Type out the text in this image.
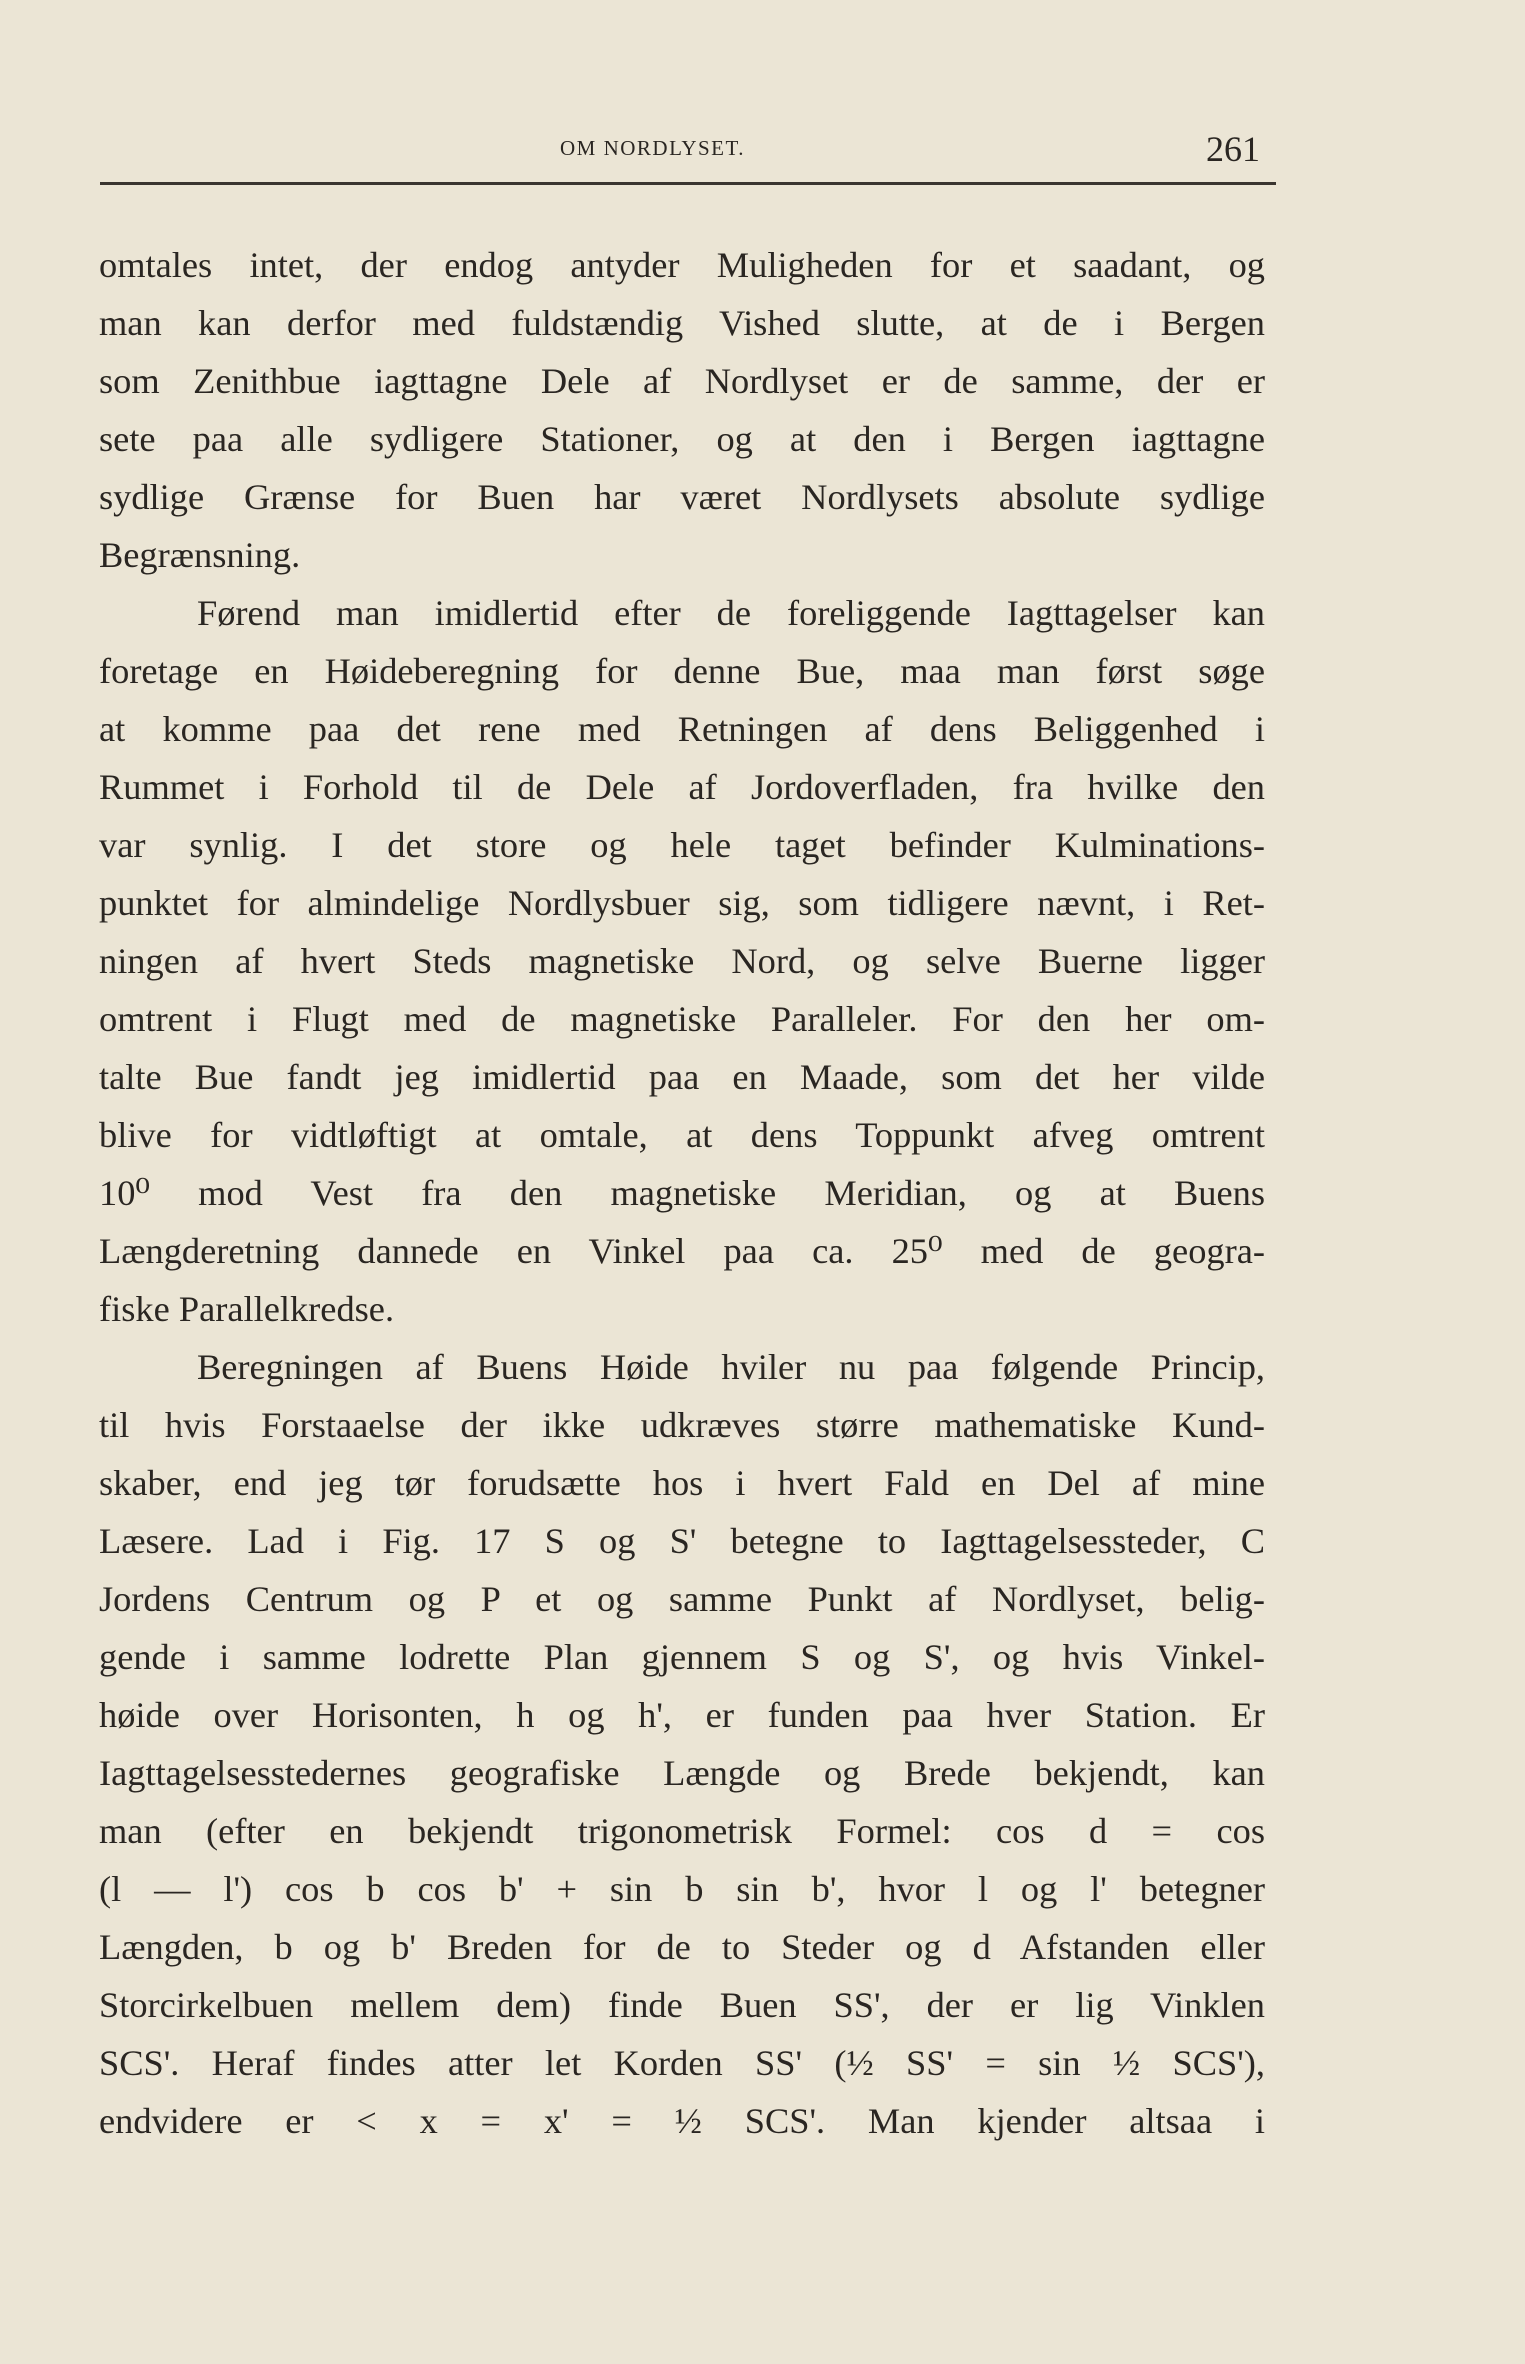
OM NORDLYSET.	261
omtales intet, der endog antyder Muligheden for et saadant, og
man kan derfor med fuldstændig Vished slutte, at de i Bergen
som Zenithbue iagttagne Dele af Nordlyset er de samme, der er
sete paa alle sydligere Stationer, og at den i Bergen iagttagne
sydlige Grænse for Buen har været Nordlysets absolute sydlige
Begrænsning.
Førend man imidlertid efter de foreliggende Iagttagelser kan
foretage en Høideberegning for denne Bue, maa man først søge
at komme paa det rene med Retningen af dens Beliggenhed i
Rummet i Forhold til de Dele af Jordoverfladen, fra hvilke den
var synlig. I det store og hele taget befinder Kulminations-
punktet for almindelige Nordlysbuer sig, som tidligere nævnt, i Ret-
ningen af hvert Steds magnetiske Nord, og selve Buerne ligger
omtrent i Flugt med de magnetiske Paralleler. For den her om-
talte Bue fandt jeg imidlertid paa en Maade, som det her vilde
blive for vidtløftigt at omtale, at dens Toppunkt afveg omtrent
10⁰ mod Vest fra den magnetiske Meridian, og at Buens
Længderetning dannede en Vinkel paa ca. 25⁰ med de geogra-
fiske Parallelkredse.
Beregningen af Buens Høide hviler nu paa følgende Princip,
til hvis Forstaaelse der ikke udkræves større mathematiske Kund-
skaber, end jeg tør forudsætte hos i hvert Fald en Del af mine
Læsere. Lad i Fig. 17 S og S' betegne to Iagttagelsessteder, C
Jordens Centrum og P et og samme Punkt af Nordlyset, belig-
gende i samme lodrette Plan gjennem S og S', og hvis Vinkel-
høide over Horisonten, h og h', er funden paa hver Station. Er
Iagttagelsesstedernes geografiske Længde og Brede bekjendt, kan
man (efter en bekjendt trigonometrisk Formel: cos d = cos
(l — l') cos b cos b' + sin b sin b', hvor l og l' betegner
Længden, b og b' Breden for de to Steder og d Afstanden eller
Storcirkelbuen mellem dem) finde Buen SS', der er lig Vinklen
SCS'. Heraf findes atter let Korden SS' (½ SS' = sin ½ SCS'),
endvidere er < x = x' = ½ SCS'. Man kjender altsaa i
